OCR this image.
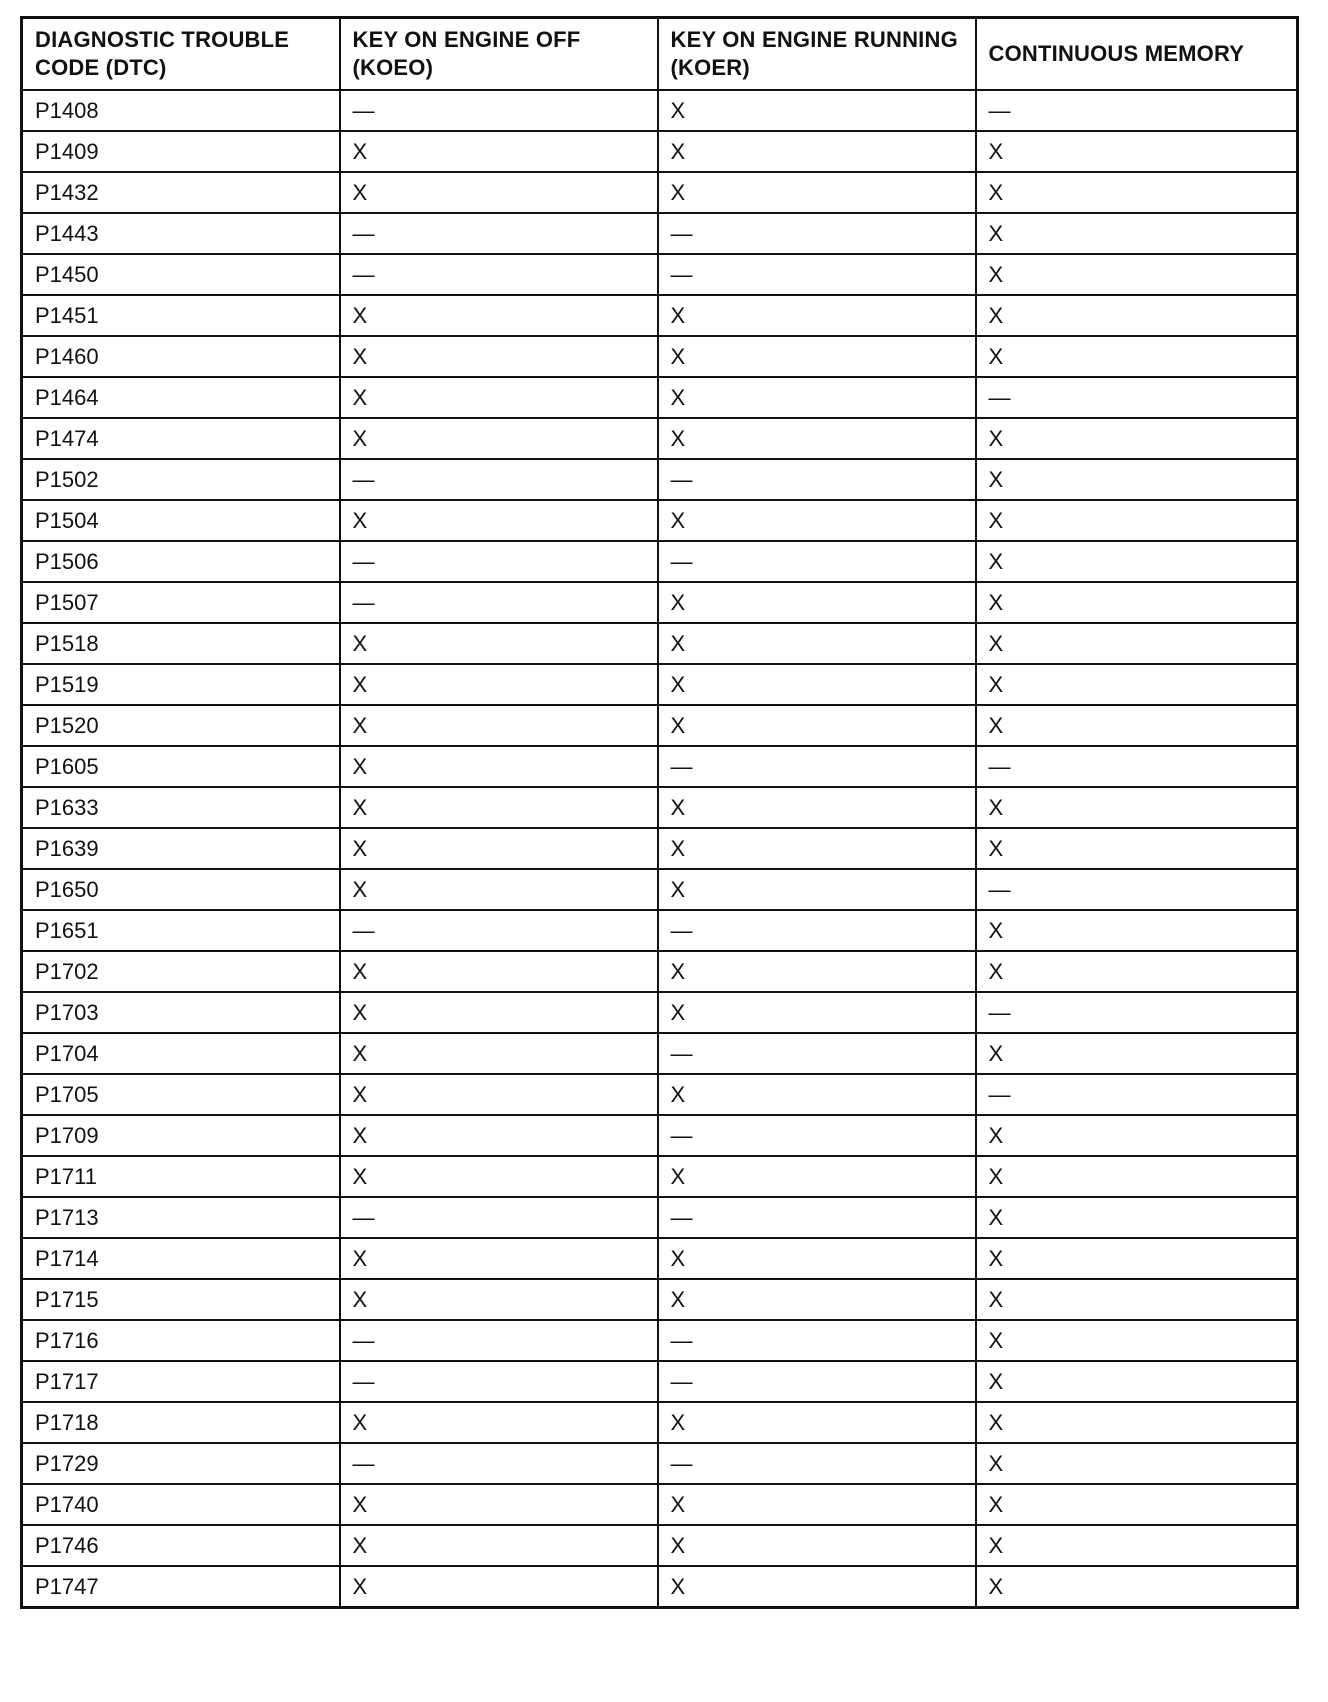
DIAGNOSTIC TROUBLE CODE (DTC)	KEY ON ENGINE OFF (KOEO)	KEY ON ENGINE RUNNING (KOER)	CONTINUOUS MEMORY
P1408	—	X	—
P1409	X	X	X
P1432	X	X	X
P1443	—	—	X
P1450	—	—	X
P1451	X	X	X
P1460	X	X	X
P1464	X	X	—
P1474	X	X	X
P1502	—	—	X
P1504	X	X	X
P1506	—	—	X
P1507	—	X	X
P1518	X	X	X
P1519	X	X	X
P1520	X	X	X
P1605	X	—	—
P1633	X	X	X
P1639	X	X	X
P1650	X	X	—
P1651	—	—	X
P1702	X	X	X
P1703	X	X	—
P1704	X	—	X
P1705	X	X	—
P1709	X	—	X
P1711	X	X	X
P1713	—	—	X
P1714	X	X	X
P1715	X	X	X
P1716	—	—	X
P1717	—	—	X
P1718	X	X	X
P1729	—	—	X
P1740	X	X	X
P1746	X	X	X
P1747	X	X	X
